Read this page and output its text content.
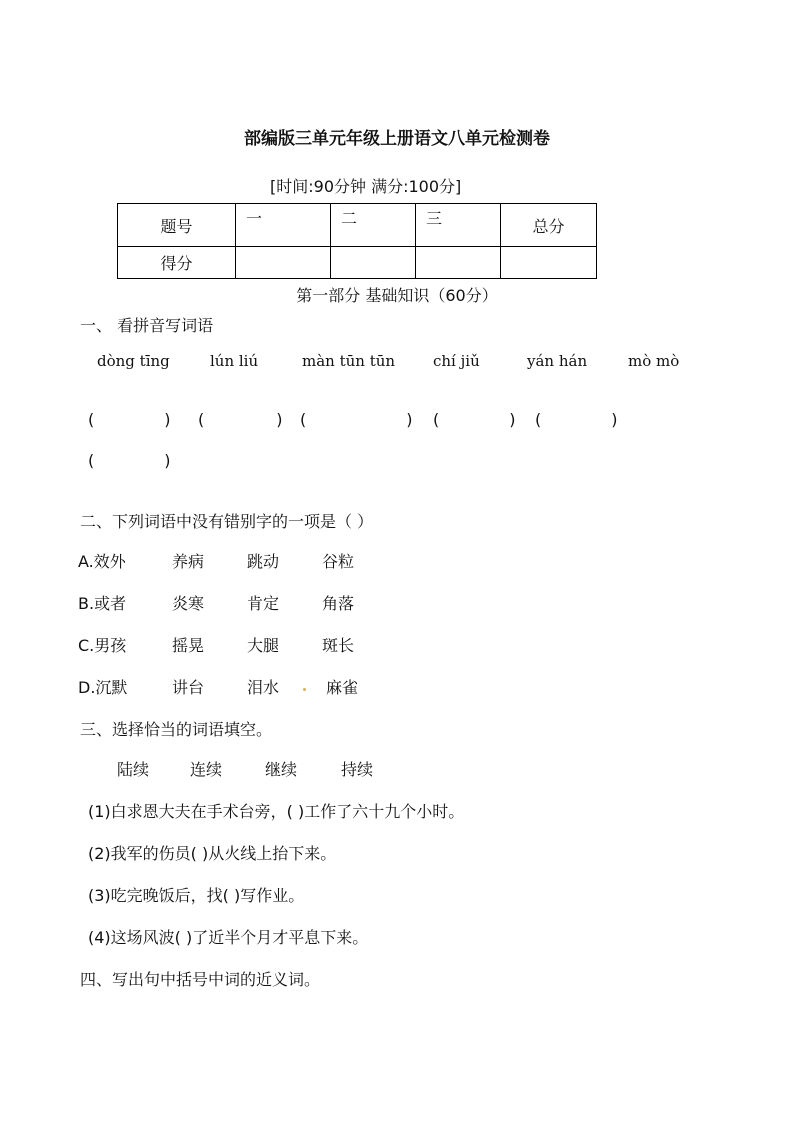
部编版三单元年级上册语文八单元检测卷
[时间:90分钟 满分:100分]
题号	一	二	三	总分
得分				
第一部分 基础知识（60分）
一、 看拼音写词语
dòng tīng	lún liú	màn tūn tūn	chí jiǔ	yán hán	mò mò
(	) (	) (	) (	) (	)
(	)
二、下列词语中没有错别字的一项是（ ）
A.效外	养病	跳动	谷粒
B.或者	炎寒	肯定	角落
C.男孩	摇晃	大腿	斑长
D.沉默	讲台	泪水	麻雀
三、选择恰当的词语填空。
陆续	连续	继续	持续
(1)白求恩大夫在手术台旁，( )工作了六十九个小时。
(2)我军的伤员( )从火线上抬下来。
(3)吃完晚饭后，找( )写作业。
(4)这场风波( )了近半个月才平息下来。
四、写出句中括号中词的近义词。
